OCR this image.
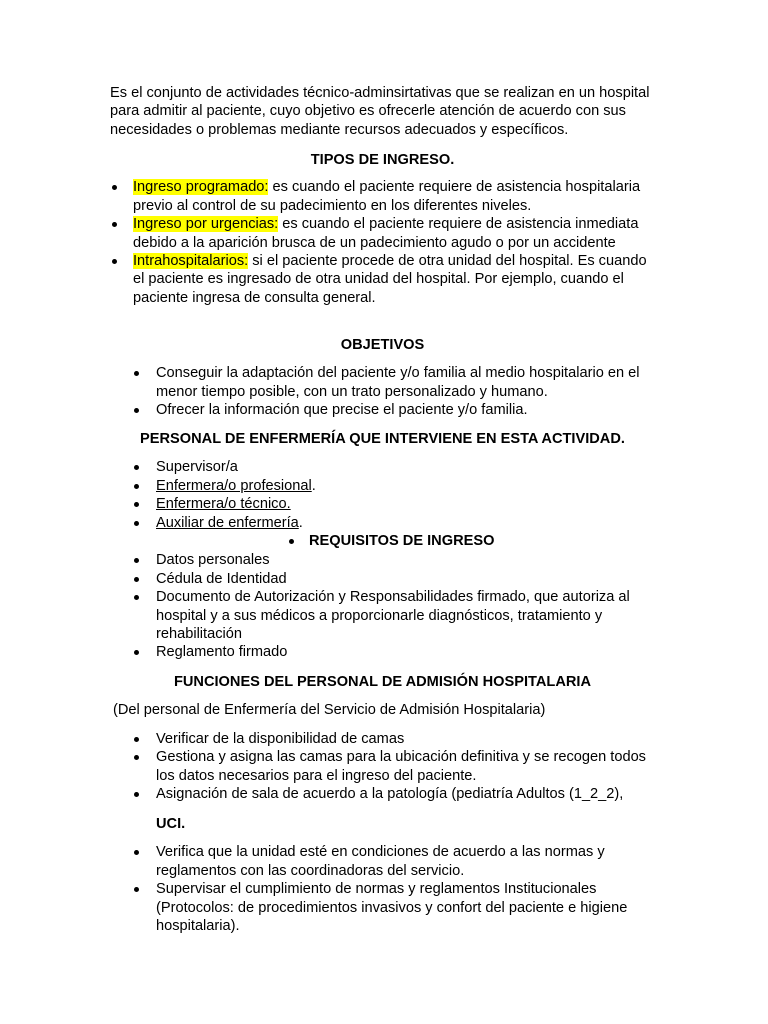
Es el conjunto de actividades técnico-adminsirtativas que se realizan en un hospital para admitir al paciente, cuyo objetivo es ofrecerle atención de acuerdo con sus necesidades o problemas mediante recursos adecuados y específicos.

TIPOS DE INGRESO.

Ingreso programado: es cuando el paciente requiere de asistencia hospitalaria previo al control de su padecimiento en los diferentes niveles.
Ingreso por urgencias: es cuando el paciente requiere de asistencia inmediata debido a la aparición brusca de un padecimiento agudo o por un accidente
Intrahospitalarios: si el paciente procede de otra unidad del hospital. Es cuando el paciente es ingresado de otra unidad del hospital. Por ejemplo, cuando el paciente ingresa de consulta general.

OBJETIVOS

Conseguir la adaptación del paciente y/o familia al medio hospitalario en el menor tiempo posible, con un trato personalizado y humano.
Ofrecer la información que precise el paciente y/o familia.

PERSONAL DE ENFERMERÍA QUE INTERVIENE EN ESTA ACTIVIDAD.

Supervisor/a
Enfermera/o profesional.
Enfermera/o técnico.
Auxiliar de enfermería.

REQUISITOS DE INGRESO

Datos personales
Cédula de Identidad
Documento de Autorización y Responsabilidades firmado, que autoriza al hospital y a sus médicos a proporcionarle diagnósticos, tratamiento y rehabilitación
Reglamento firmado

FUNCIONES DEL PERSONAL DE ADMISIÓN HOSPITALARIA

(Del personal de Enfermería del Servicio de Admisión Hospitalaria)

Verificar de la disponibilidad de camas
Gestiona y asigna las camas para la ubicación definitiva y se recogen todos los datos necesarios para el ingreso del paciente.
Asignación de sala de acuerdo a la patología (pediatría Adultos (1_2_2),

UCI.

Verifica que la unidad esté en condiciones de acuerdo a las normas y reglamentos con las coordinadoras del servicio.
Supervisar el cumplimiento de normas y reglamentos Institucionales (Protocolos: de procedimientos invasivos y confort del paciente e higiene hospitalaria).
